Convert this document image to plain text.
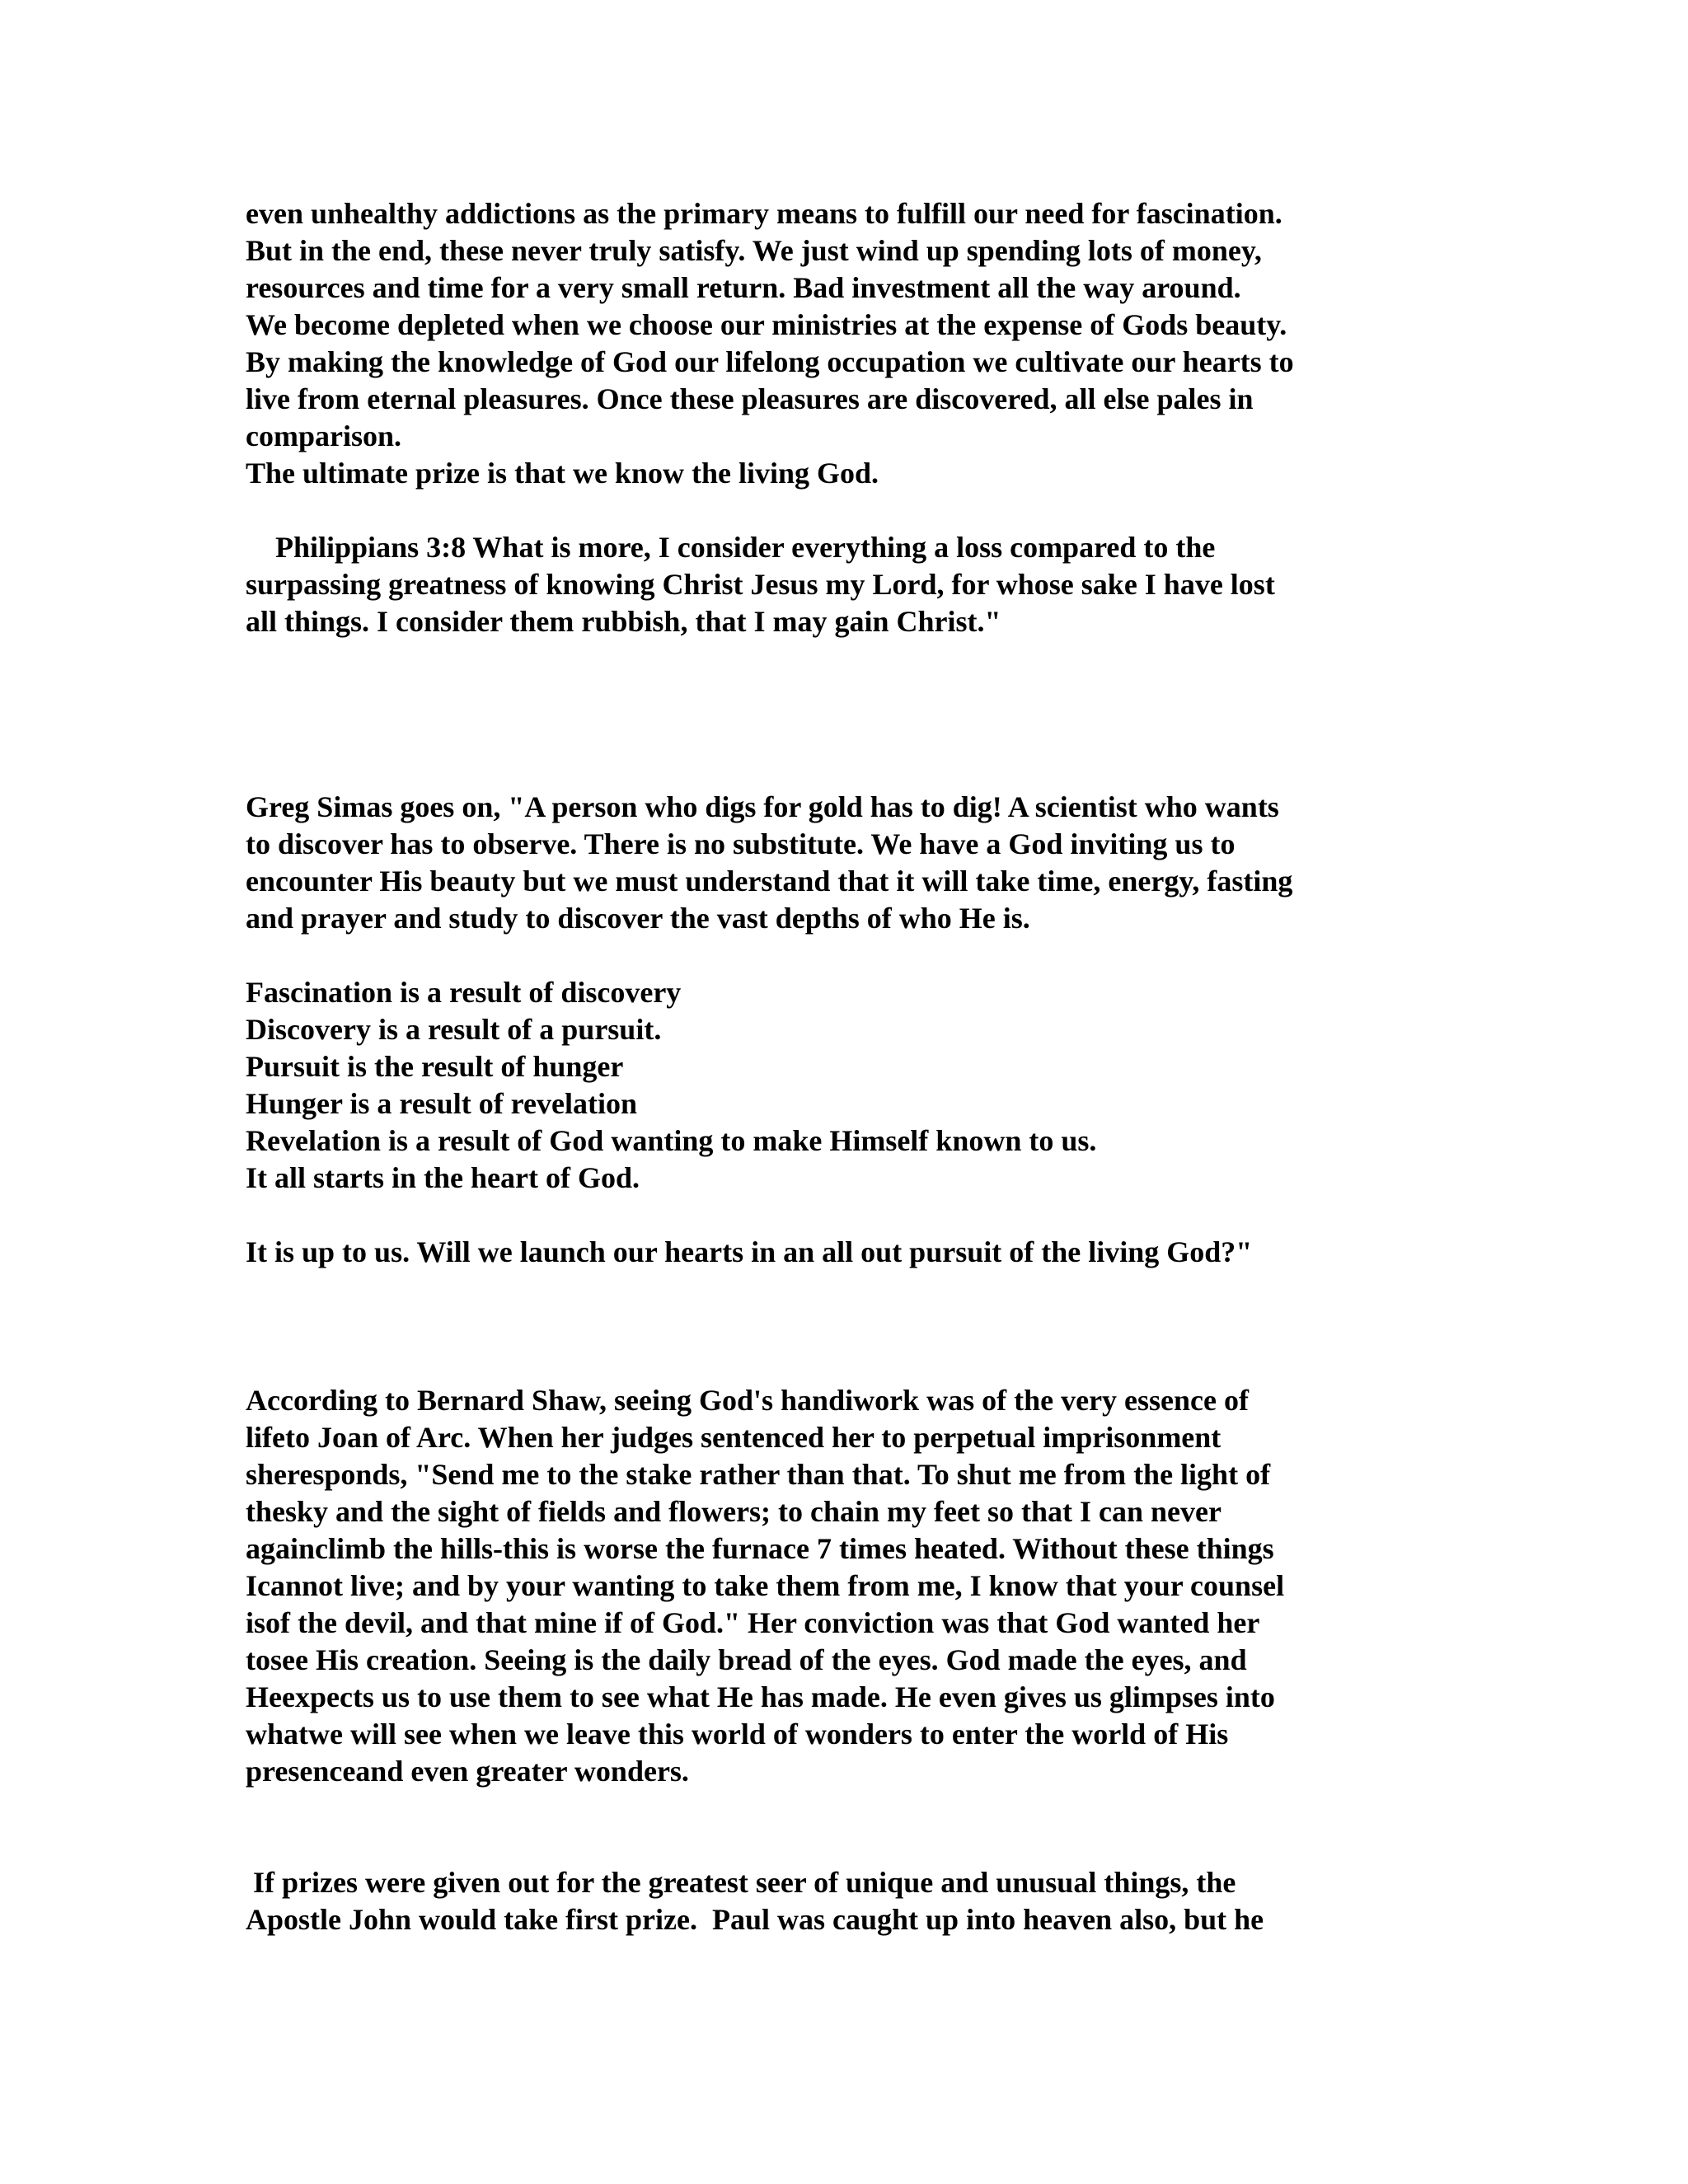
even unhealthy addictions as the primary means to fulfill our need for fascination.
But in the end, these never truly satisfy. We just wind up spending lots of money,
resources and time for a very small return. Bad investment all the way around.
We become depleted when we choose our ministries at the expense of Gods beauty.
By making the knowledge of God our lifelong occupation we cultivate our hearts to
live from eternal pleasures. Once these pleasures are discovered, all else pales in
comparison.
The ultimate prize is that we know the living God.
Philippians 3:8 What is more, I consider everything a loss compared to the
surpassing greatness of knowing Christ Jesus my Lord, for whose sake I have lost
all things. I consider them rubbish, that I may gain Christ."
Greg Simas goes on, "A person who digs for gold has to dig! A scientist who wants
to discover has to observe. There is no substitute. We have a God inviting us to
encounter His beauty but we must understand that it will take time, energy, fasting
and prayer and study to discover the vast depths of who He is.
Fascination is a result of discovery
Discovery is a result of a pursuit.
Pursuit is the result of hunger
Hunger is a result of revelation
Revelation is a result of God wanting to make Himself known to us.
It all starts in the heart of God.
It is up to us. Will we launch our hearts in an all out pursuit of the living God?"
According to Bernard Shaw, seeing God's handiwork was of the very essence of
lifeto Joan of Arc. When her judges sentenced her to perpetual imprisonment
sheresponds, "Send me to the stake rather than that. To shut me from the light of
thesky and the sight of fields and flowers; to chain my feet so that I can never
againclimb the hills-this is worse the furnace 7 times heated. Without these things
Icannot live; and by your wanting to take them from me, I know that your counsel
isof the devil, and that mine if of God." Her conviction was that God wanted her
tosee His creation. Seeing is the daily bread of the eyes. God made the eyes, and
Heexpects us to use them to see what He has made. He even gives us glimpses into
whatwe will see when we leave this world of wonders to enter the world of His
presenceand even greater wonders.
If prizes were given out for the greatest seer of unique and unusual things, the
Apostle John would take first prize.  Paul was caught up into heaven also, but he
